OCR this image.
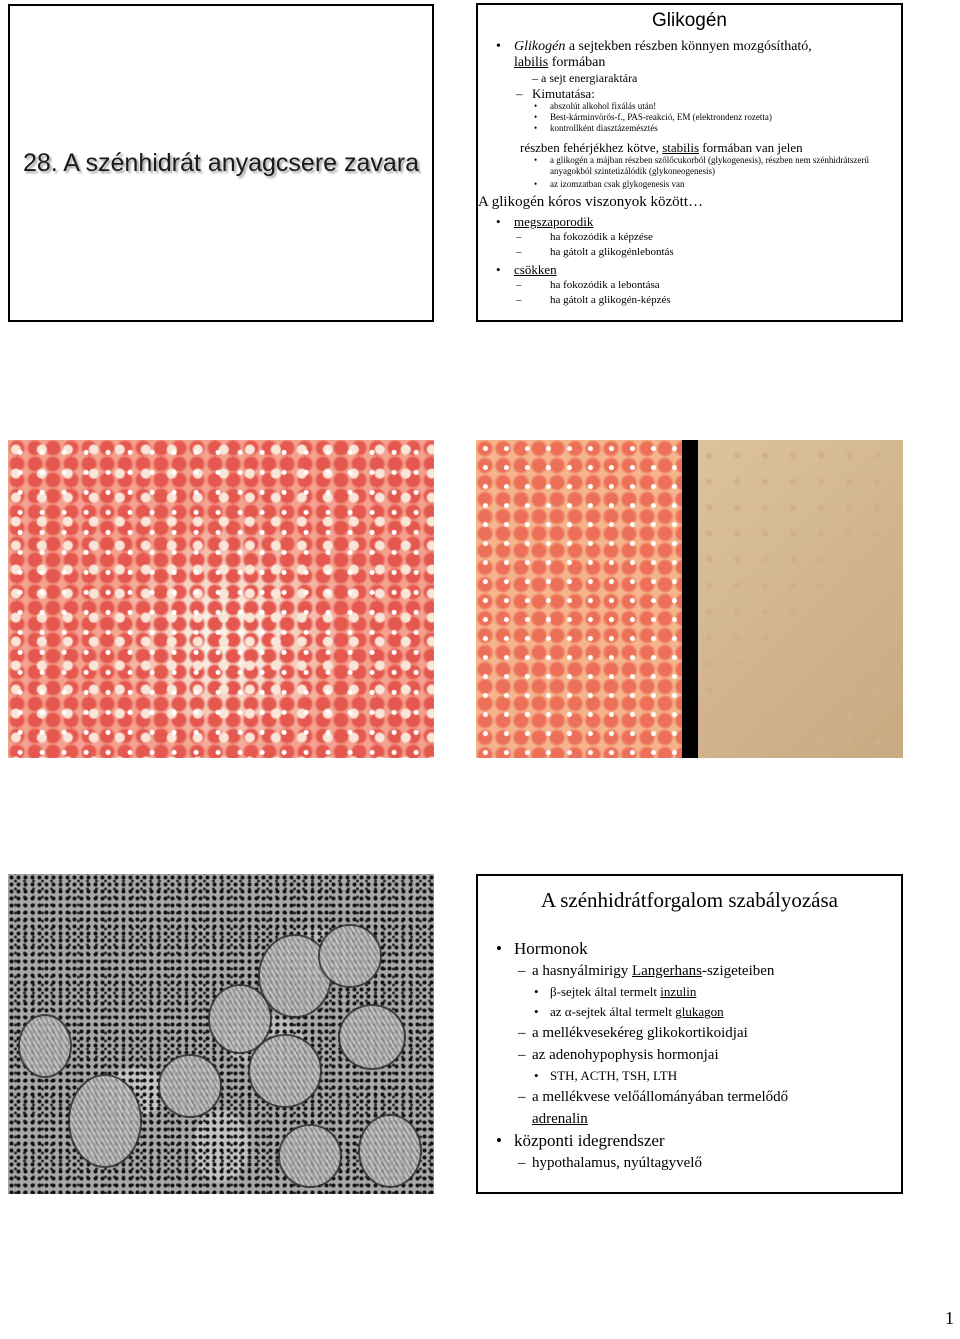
28. A szénhidrát anyagcsere zavara
Glikogén
• Glikogén a sejtekben részben könnyen mozgósítható,
labilis formában
– a sejt energiaraktára
– Kimutatása:
• abszolút alkohol fixálás után!
• Best-kárminvörös-f., PAS-reakció, EM (elektrondenz rozetta)
• kontrollként diasztázemésztés
részben fehérjékhez kötve, stabilis formában van jelen
• a glikogén a májban részben szőlőcukorból (glykogenesis), részben nem szénhidrátszerű anyagokból szintetizálódik (glykoneogenesis)
• az izomzatban csak glykogenesis van
A glikogén kóros viszonyok között…
• megszaporodik
– ha fokozódik a képzése
– ha gátolt a glikogénlebontás
• csökken
– ha fokozódik a lebontása
– ha gátolt a glikogén-képzés
A szénhidrátforgalom szabályozása
• Hormonok
– a hasnyálmirigy Langerhans-szigeteiben
• β-sejtek által termelt inzulin
• az α-sejtek által termelt glukagon
– a mellékvesekéreg glikokortikoidjai
– az adenohypophysis hormonjai
• STH, ACTH, TSH, LTH
– a mellékvese velőállományában termelődő
adrenalin
• központi idegrendszer
– hypothalamus, nyúltagyvelő
1
